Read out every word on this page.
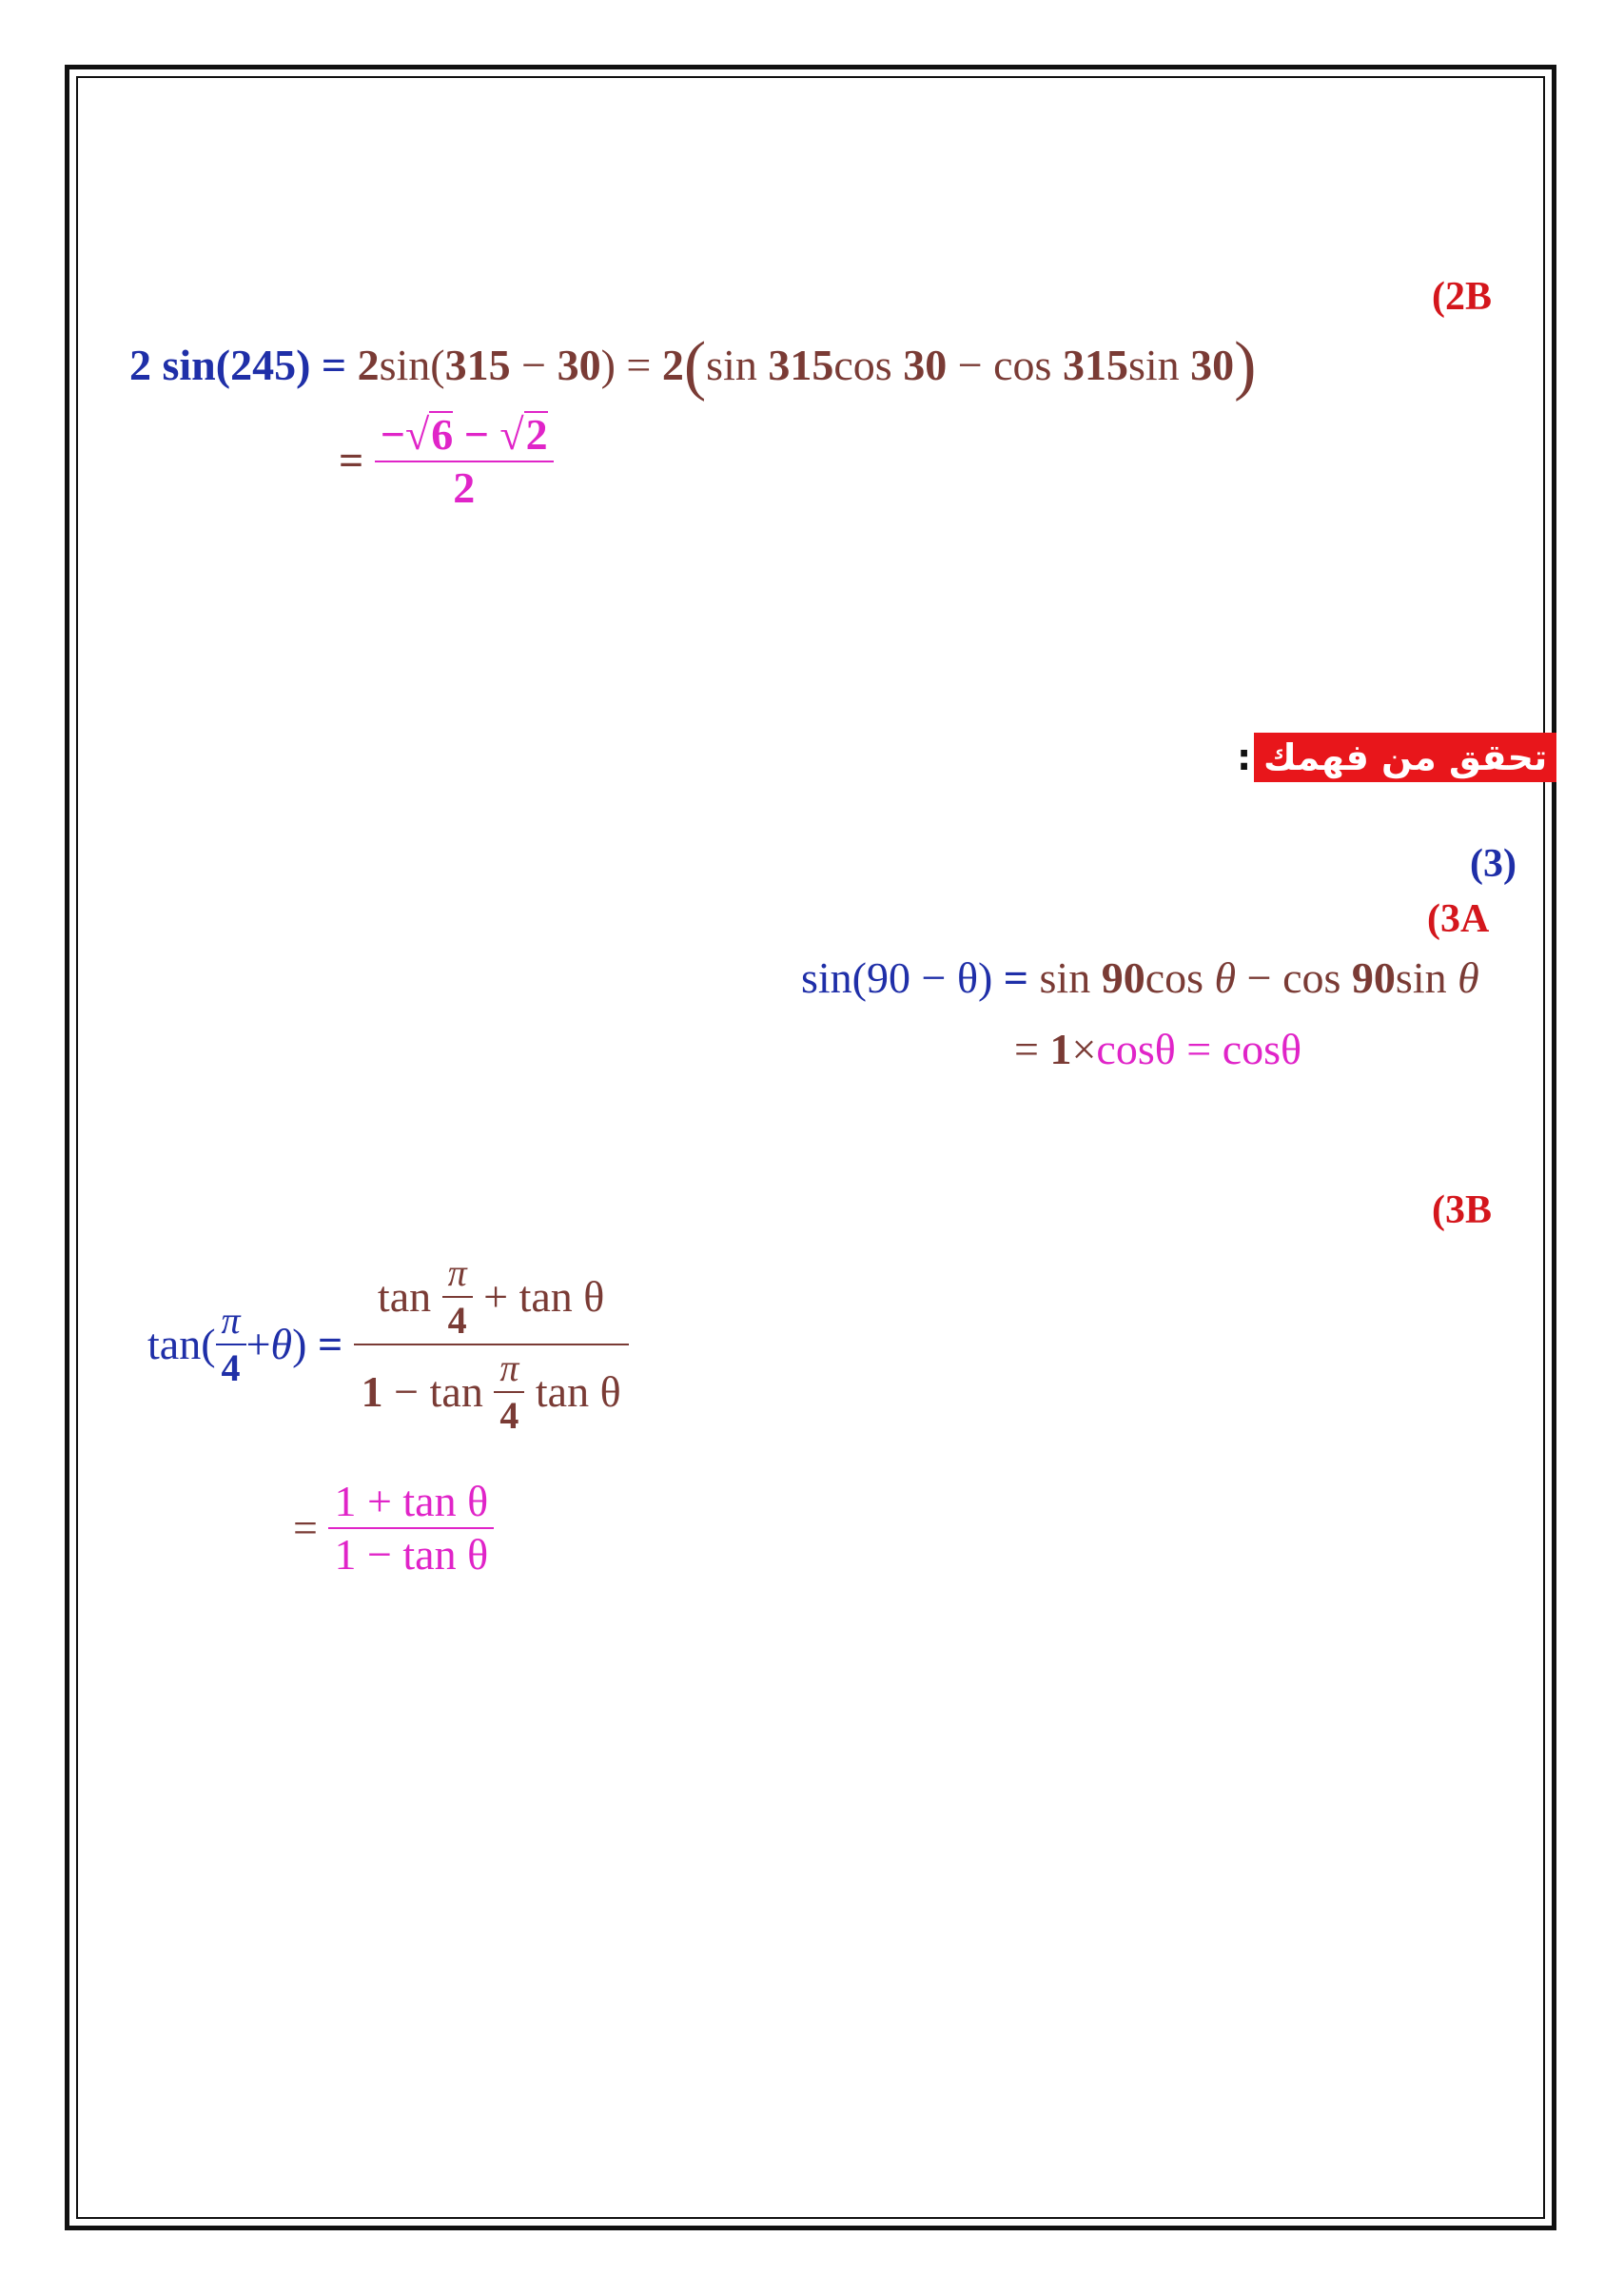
(2B
2 sin(245) = 2sin(315 − 30) = 2(sin 315cos 30 − cos 315sin 30)
= $\frac{-√6 - √2}{2}$
تحقق من فهمك
:
(3)
(3A
sin(90 − θ) = sin 90cos θ − cos 90sin θ
= 1×cosθ = cosθ
(3B
$\tan( \frac{\pi}{4} +\theta)$ =
$\tan \frac{\pi}{4} + \tan \theta$
$1 - \tan \frac{\pi}{4}$ tan θ
= $\frac{\text{1 + tan θ}}{\text{1 − tan θ}}$
